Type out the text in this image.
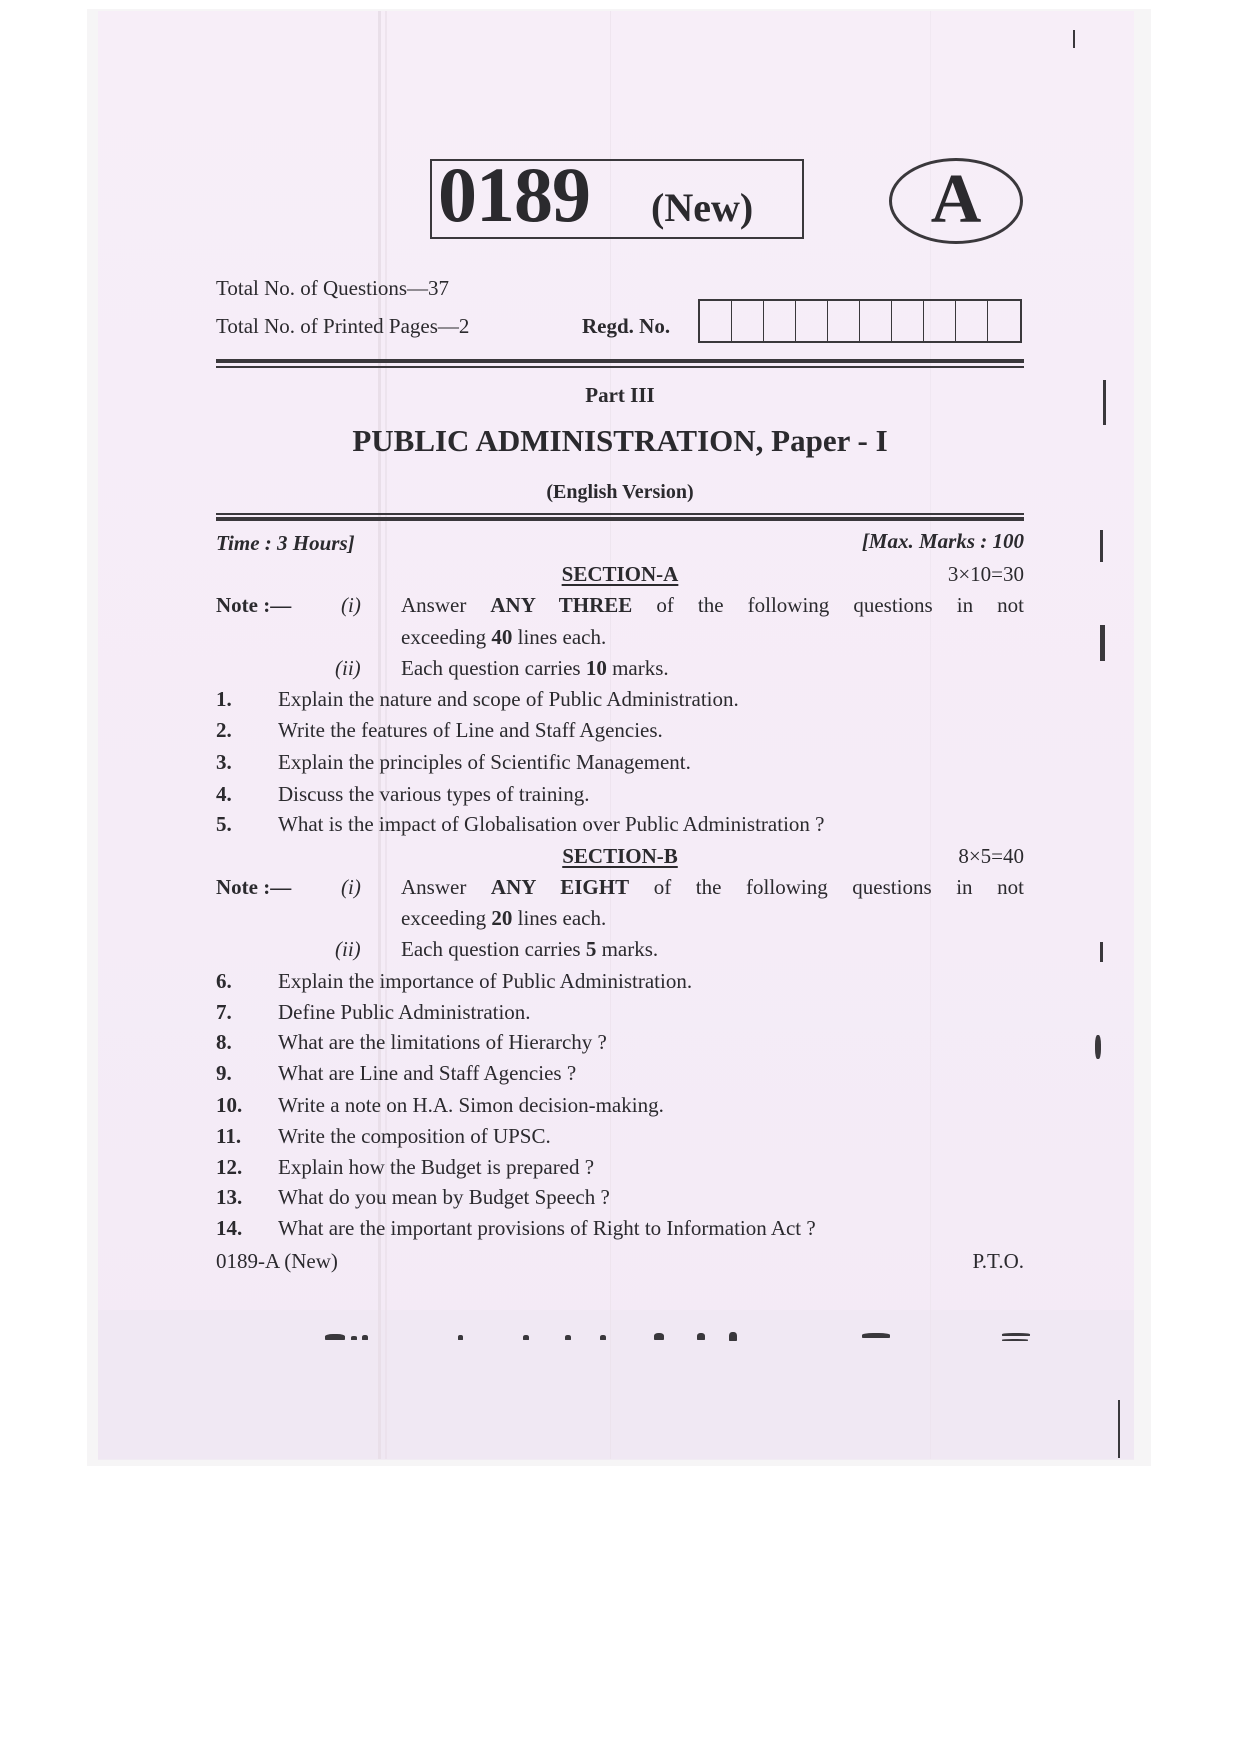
0189 (New)	A
Total No. of Questions—37
Total No. of Printed Pages—2	Regd. No.
Part III
PUBLIC ADMINISTRATION, Paper - I
(English Version)
Time : 3 Hours]	[Max. Marks : 100
SECTION-A	3×10=30
Note :— (i) Answer ANY THREE of the following questions in not
exceeding 40 lines each.
(ii) Each question carries 10 marks.
1. Explain the nature and scope of Public Administration.
2. Write the features of Line and Staff Agencies.
3. Explain the principles of Scientific Management.
4. Discuss the various types of training.
5. What is the impact of Globalisation over Public Administration ?
SECTION-B	8×5=40
Note :— (i) Answer ANY EIGHT of the following questions in not
exceeding 20 lines each.
(ii) Each question carries 5 marks.
6. Explain the importance of Public Administration.
7. Define Public Administration.
8. What are the limitations of Hierarchy ?
9. What are Line and Staff Agencies ?
10. Write a note on H.A. Simon decision-making.
11. Write the composition of UPSC.
12. Explain how the Budget is prepared ?
13. What do you mean by Budget Speech ?
14. What are the important provisions of Right to Information Act ?
0189-A (New)	P.T.O.
